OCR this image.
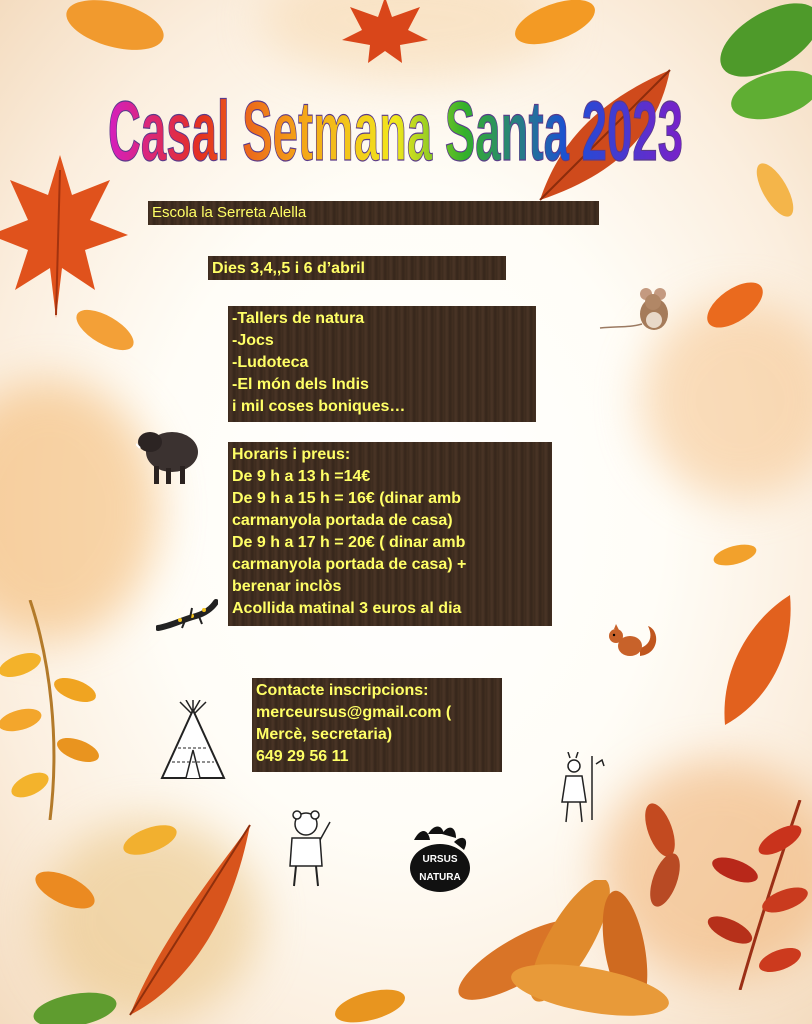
Casal Setmana Santa 2023
Escola la Serreta Alella
Dies 3,4,,5 i 6 d’abril
-Tallers de natura
-Jocs
-Ludoteca
-El món dels Indis
i mil coses boniques…
Horaris i preus:
De 9 h a 13 h =14€
De 9 h a 15 h = 16€ (dinar amb
carmanyola portada de casa)
De 9 h a 17 h = 20€ ( dinar amb
carmanyola portada de casa) +
berenar inclòs
Acollida matinal 3 euros al dia
Contacte inscripcions:
merceursus@gmail.com (
Mercè, secretaria)
649 29 56 11
URSUS
NATURA
